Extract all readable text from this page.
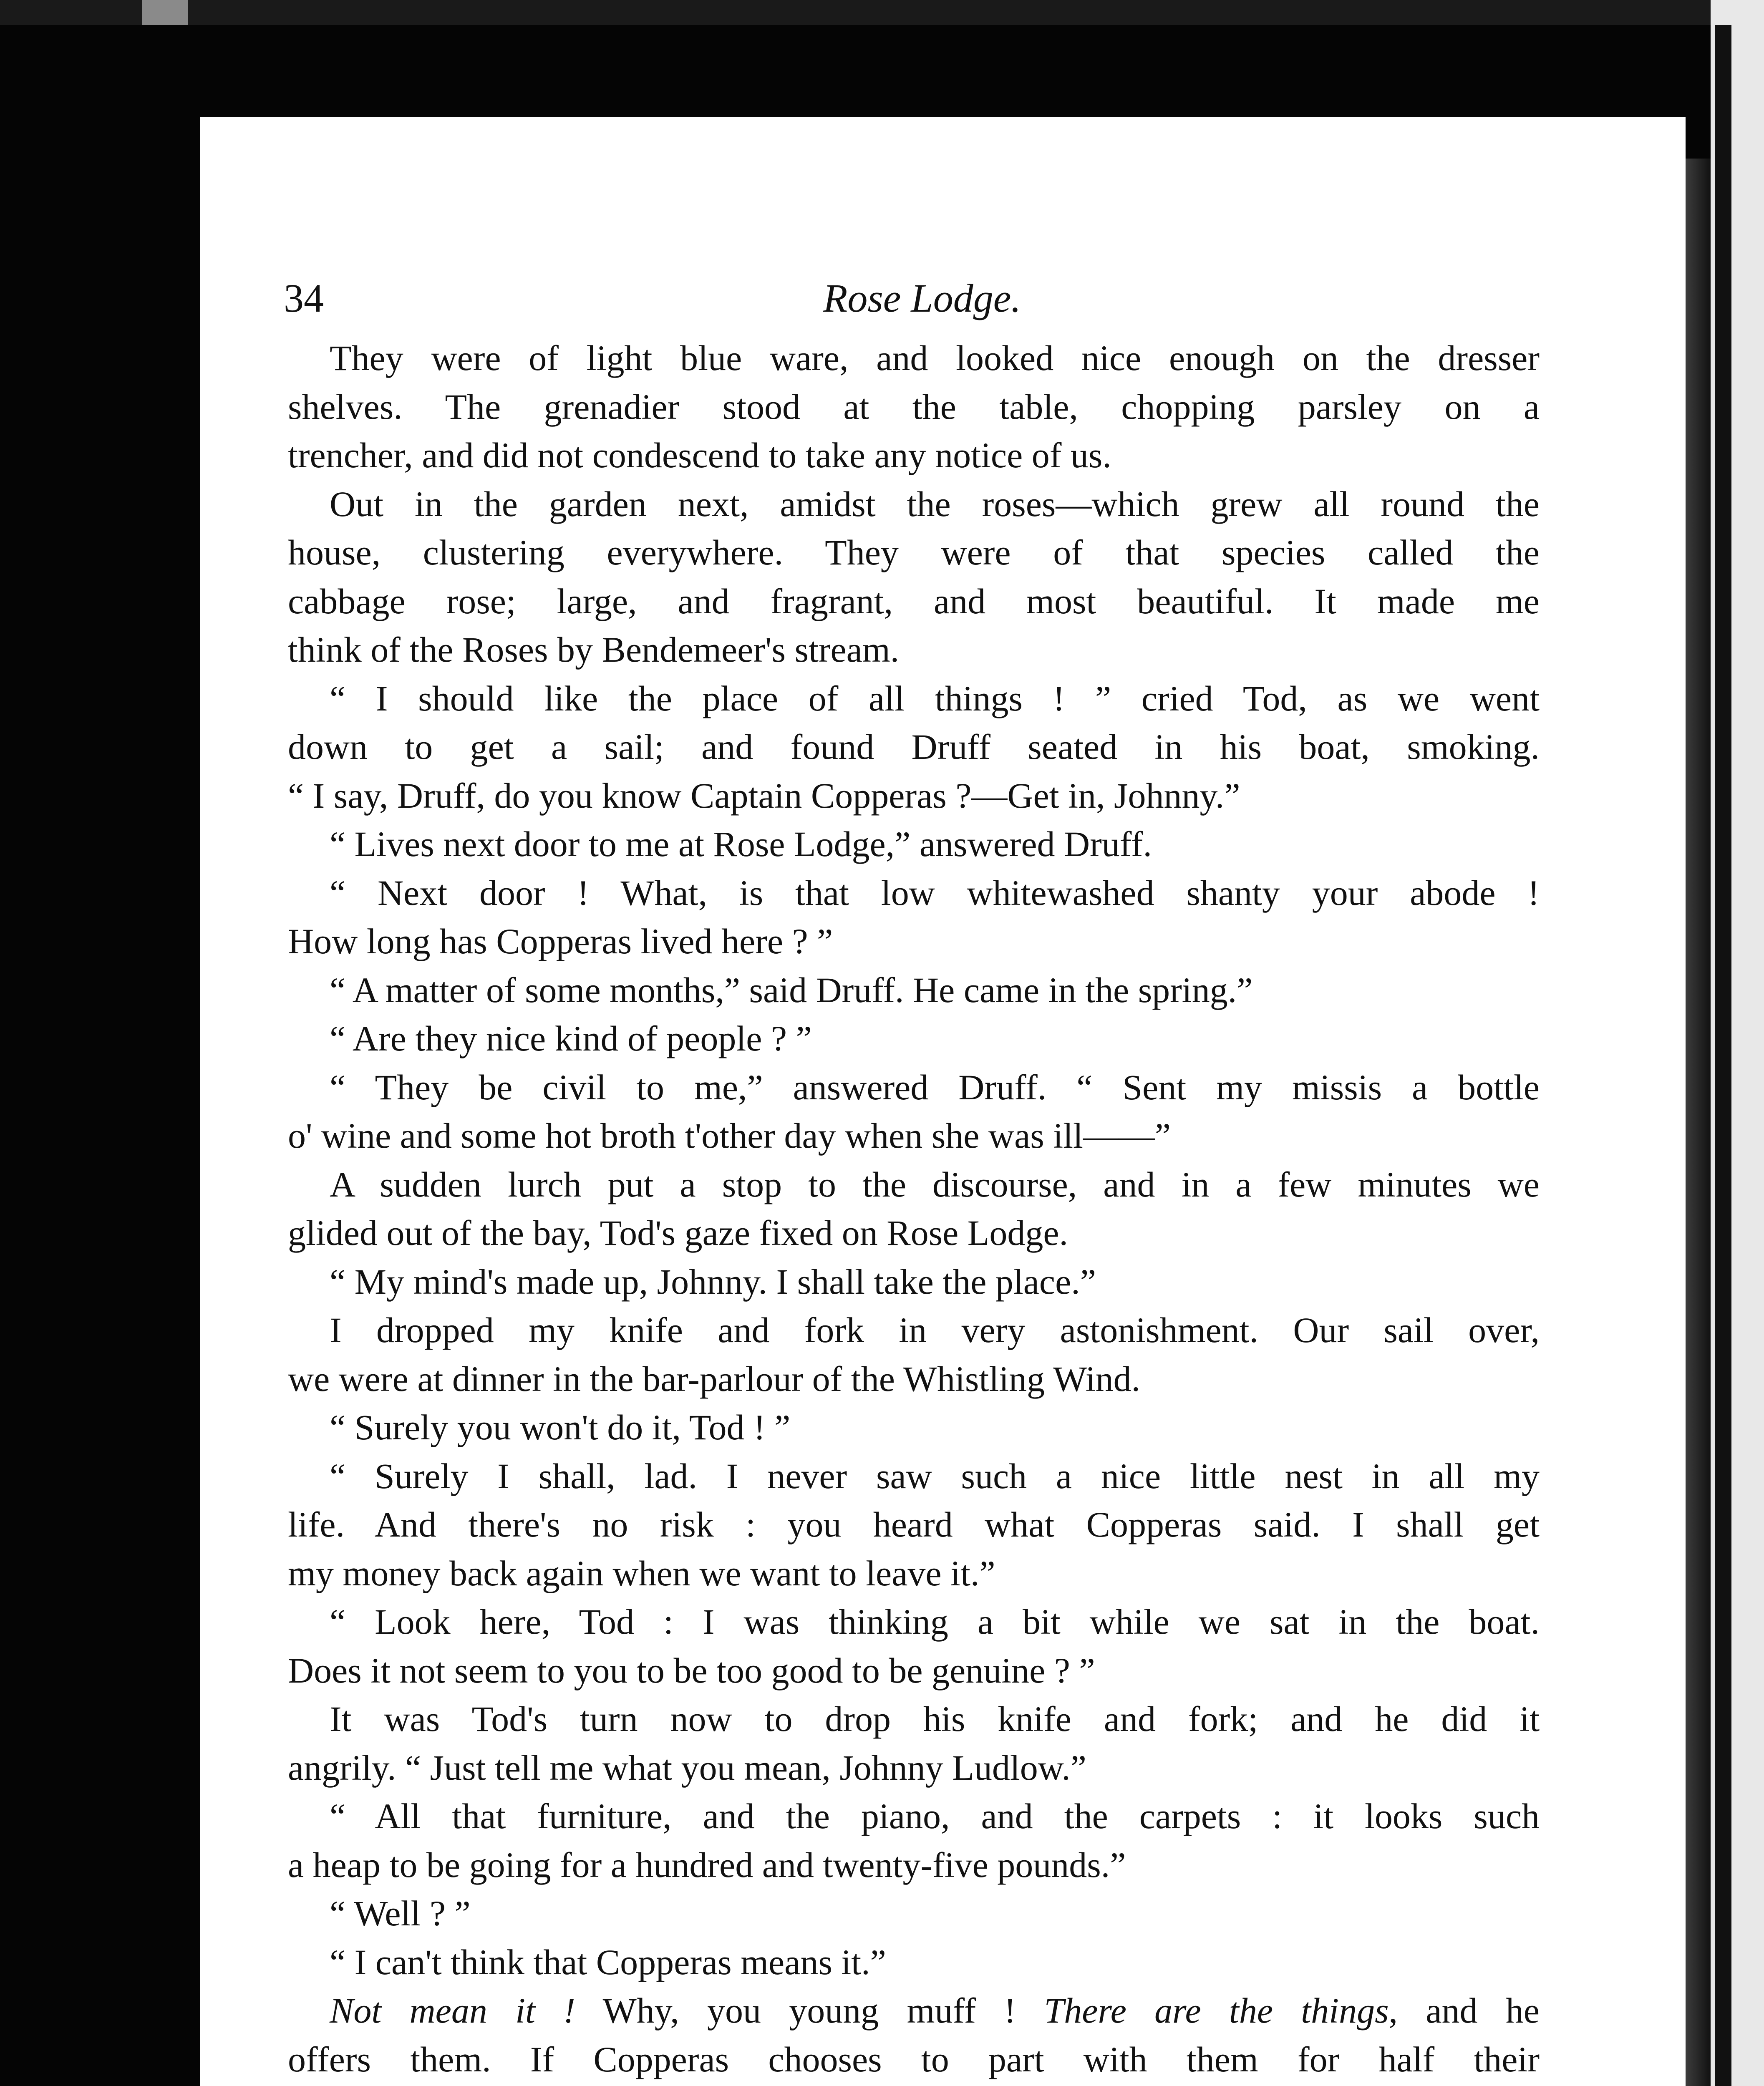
34	Rose Lodge.
They were of light blue ware, and looked nice enough on the dresser
shelves. The grenadier stood at the table, chopping parsley on a
trencher, and did not condescend to take any notice of us.
Out in the garden next, amidst the roses—which grew all round the
house, clustering everywhere. They were of that species called the
cabbage rose; large, and fragrant, and most beautiful. It made me
think of the Roses by Bendemeer's stream.
“ I should like the place of all things ! ” cried Tod, as we went
down to get a sail; and found Druff seated in his boat, smoking.
“ I say, Druff, do you know Captain Copperas ?—Get in, Johnny.”
“ Lives next door to me at Rose Lodge,” answered Druff.
“ Next door ! What, is that low whitewashed shanty your abode !
How long has Copperas lived here ? ”
“ A matter of some months,” said Druff. He came in the spring.”
“ Are they nice kind of people ? ”
“ They be civil to me,” answered Druff. “ Sent my missis a bottle
o' wine and some hot broth t'other day when she was ill——”
A sudden lurch put a stop to the discourse, and in a few minutes we
glided out of the bay, Tod's gaze fixed on Rose Lodge.
“ My mind's made up, Johnny. I shall take the place.”
I dropped my knife and fork in very astonishment. Our sail over,
we were at dinner in the bar-parlour of the Whistling Wind.
“ Surely you won't do it, Tod ! ”
“ Surely I shall, lad. I never saw such a nice little nest in all my
life. And there's no risk : you heard what Copperas said. I shall get
my money back again when we want to leave it.”
“ Look here, Tod : I was thinking a bit while we sat in the boat.
Does it not seem to you to be too good to be genuine ? ”
It was Tod's turn now to drop his knife and fork; and he did it
angrily. “ Just tell me what you mean, Johnny Ludlow.”
“ All that furniture, and the piano, and the carpets : it looks such
a heap to be going for a hundred and twenty-five pounds.”
“ Well ? ”
“ I can't think that Copperas means it.”
Not mean it ! Why, you young muff ! There are the things, and he
offers them. If Copperas chooses to part with them for half their
